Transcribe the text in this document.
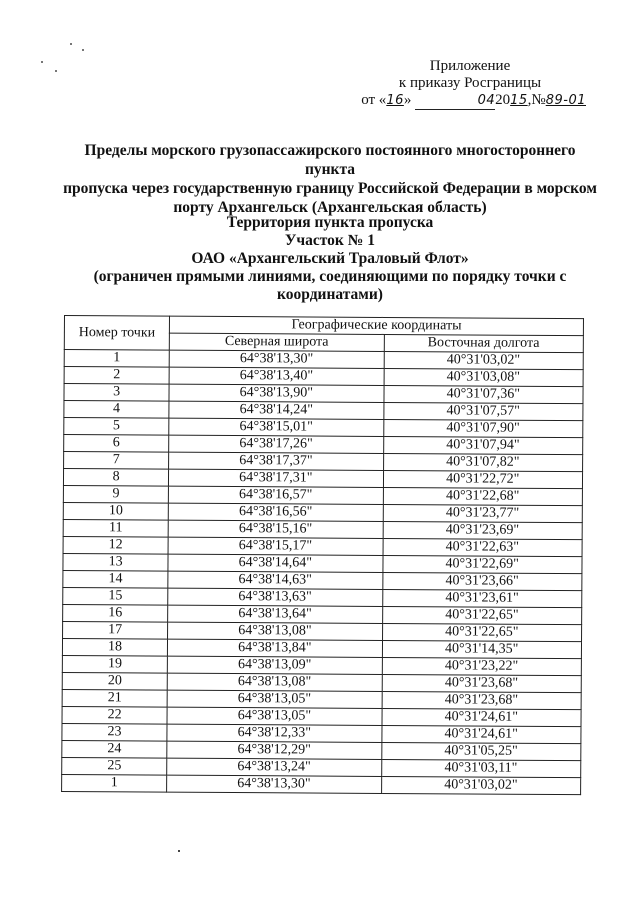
Приложение
к приказу Росграницы
от «16»	042015,№89-01
Пределы морского грузопассажирского постоянного многостороннего пункта
пропуска через государственную границу Российской Федерации в морском
порту Архангельск (Архангельская область)
Территория пункта пропуска
Участок № 1
ОАО «Архангельский Траловый Флот»
(ограничен прямыми линиями, соединяющими по порядку точки с
координатами)
Номер точки	Географические координаты	
	Северная широта	Восточная долгота
1	64°38'13,30"	40°31'03,02"
2	64°38'13,40"	40°31'03,08"
3	64°38'13,90"	40°31'07,36"
4	64°38'14,24"	40°31'07,57"
5	64°38'15,01"	40°31'07,90"
6	64°38'17,26"	40°31'07,94"
7	64°38'17,37"	40°31'07,82"
8	64°38'17,31"	40°31'22,72"
9	64°38'16,57"	40°31'22,68"
10	64°38'16,56"	40°31'23,77"
11	64°38'15,16"	40°31'23,69"
12	64°38'15,17"	40°31'22,63"
13	64°38'14,64"	40°31'22,69"
14	64°38'14,63"	40°31'23,66"
15	64°38'13,63"	40°31'23,61"
16	64°38'13,64"	40°31'22,65"
17	64°38'13,08"	40°31'22,65"
18	64°38'13,84"	40°31'14,35"
19	64°38'13,09"	40°31'23,22"
20	64°38'13,08"	40°31'23,68"
21	64°38'13,05"	40°31'23,68"
22	64°38'13,05"	40°31'24,61"
23	64°38'12,33"	40°31'24,61"
24	64°38'12,29"	40°31'05,25"
25	64°38'13,24"	40°31'03,11"
1	64°38'13,30"	40°31'03,02"
